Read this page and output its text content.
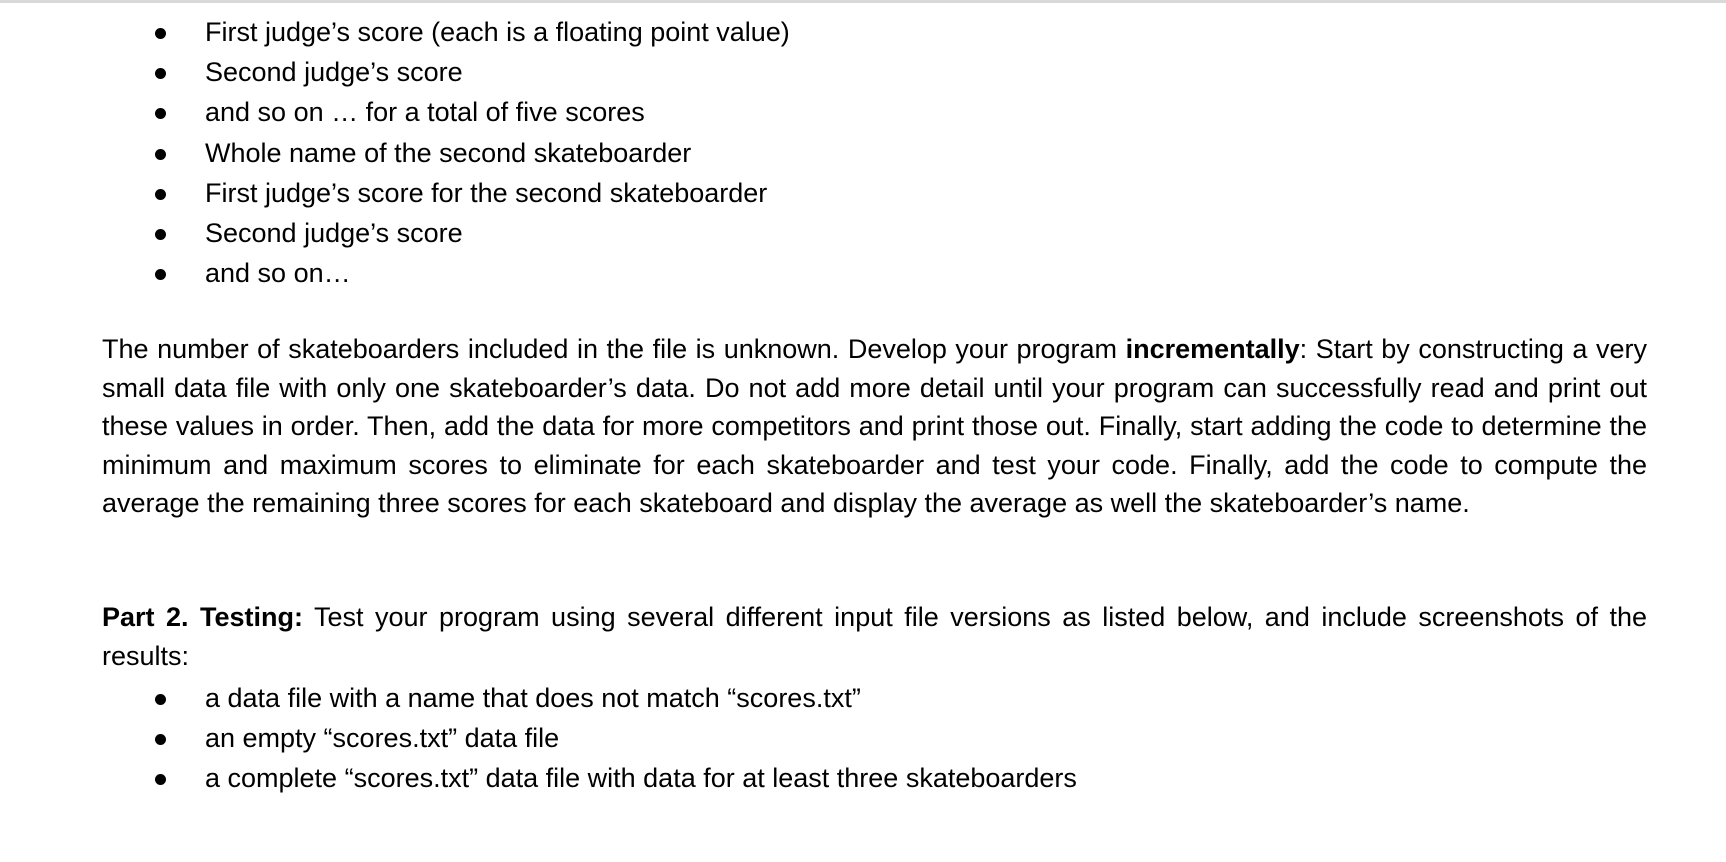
First judge’s score (each is a floating point value)
Second judge’s score
and so on … for a total of five scores
Whole name of the second skateboarder
First judge’s score for the second skateboarder
Second judge’s score
and so on…

The number of skateboarders included in the file is unknown. Develop your program incrementally: Start by constructing a very small data file with only one skateboarder’s data. Do not add more detail until your program can successfully read and print out these values in order. Then, add the data for more competitors and print those out. Finally, start adding the code to determine the minimum and maximum scores to eliminate for each skateboarder and test your code. Finally, add the code to compute the average the remaining three scores for each skateboard and display the average as well the skateboarder’s name.

Part 2. Testing: Test your program using several different input file versions as listed below, and include screenshots of the results:

a data file with a name that does not match “scores.txt”
an empty “scores.txt” data file
a complete “scores.txt” data file with data for at least three skateboarders
